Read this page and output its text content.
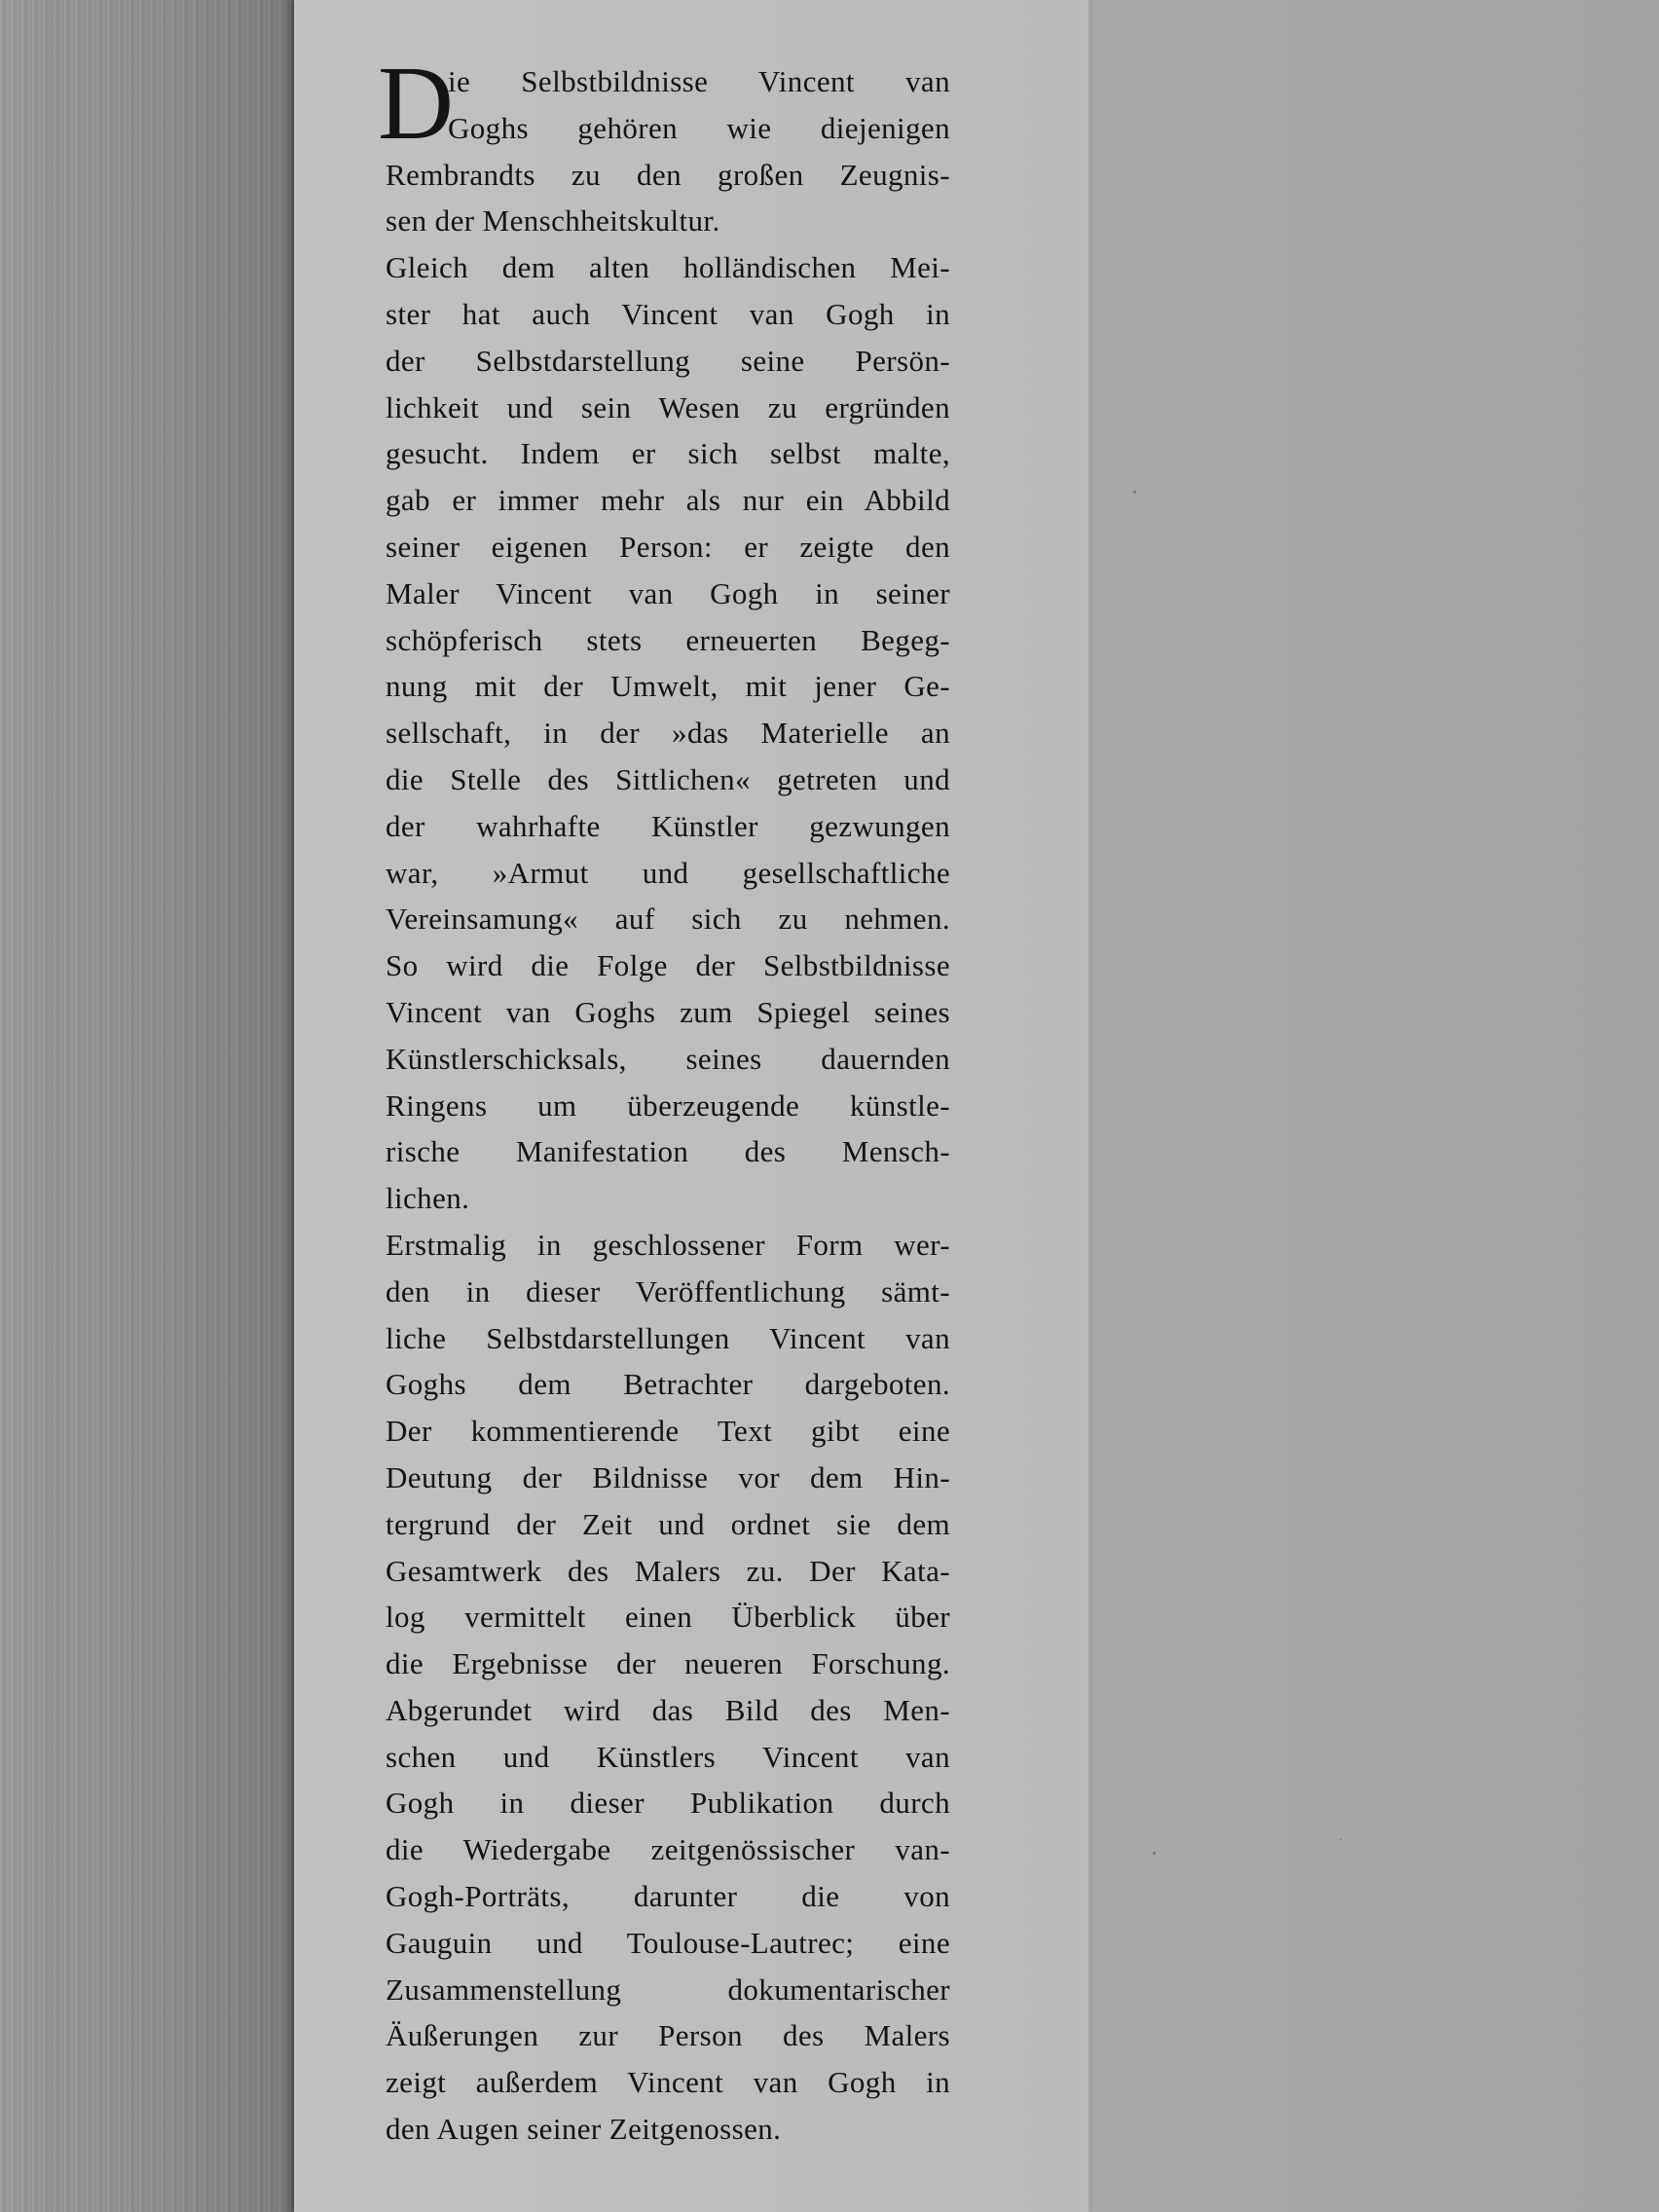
D
ie Selbstbildnisse Vincent van
Goghs gehören wie diejenigen
Rembrandts zu den großen Zeugnis-
sen der Menschheitskultur.
Gleich dem alten holländischen Mei-
ster hat auch Vincent van Gogh in
der Selbstdarstellung seine Persön-
lichkeit und sein Wesen zu ergründen
gesucht. Indem er sich selbst malte,
gab er immer mehr als nur ein Abbild
seiner eigenen Person: er zeigte den
Maler Vincent van Gogh in seiner
schöpferisch stets erneuerten Begeg-
nung mit der Umwelt, mit jener Ge-
sellschaft, in der »das Materielle an
die Stelle des Sittlichen« getreten und
der wahrhafte Künstler gezwungen
war, »Armut und gesellschaftliche
Vereinsamung« auf sich zu nehmen.
So wird die Folge der Selbstbildnisse
Vincent van Goghs zum Spiegel seines
Künstlerschicksals, seines dauernden
Ringens um überzeugende künstle-
rische Manifestation des Mensch-
lichen.
Erstmalig in geschlossener Form wer-
den in dieser Veröffentlichung sämt-
liche Selbstdarstellungen Vincent van
Goghs dem Betrachter dargeboten.
Der kommentierende Text gibt eine
Deutung der Bildnisse vor dem Hin-
tergrund der Zeit und ordnet sie dem
Gesamtwerk des Malers zu. Der Kata-
log vermittelt einen Überblick über
die Ergebnisse der neueren Forschung.
Abgerundet wird das Bild des Men-
schen und Künstlers Vincent van
Gogh in dieser Publikation durch
die Wiedergabe zeitgenössischer van-
Gogh-Porträts, darunter die von
Gauguin und Toulouse-Lautrec; eine
Zusammenstellung dokumentarischer
Äußerungen zur Person des Malers
zeigt außerdem Vincent van Gogh in
den Augen seiner Zeitgenossen.
